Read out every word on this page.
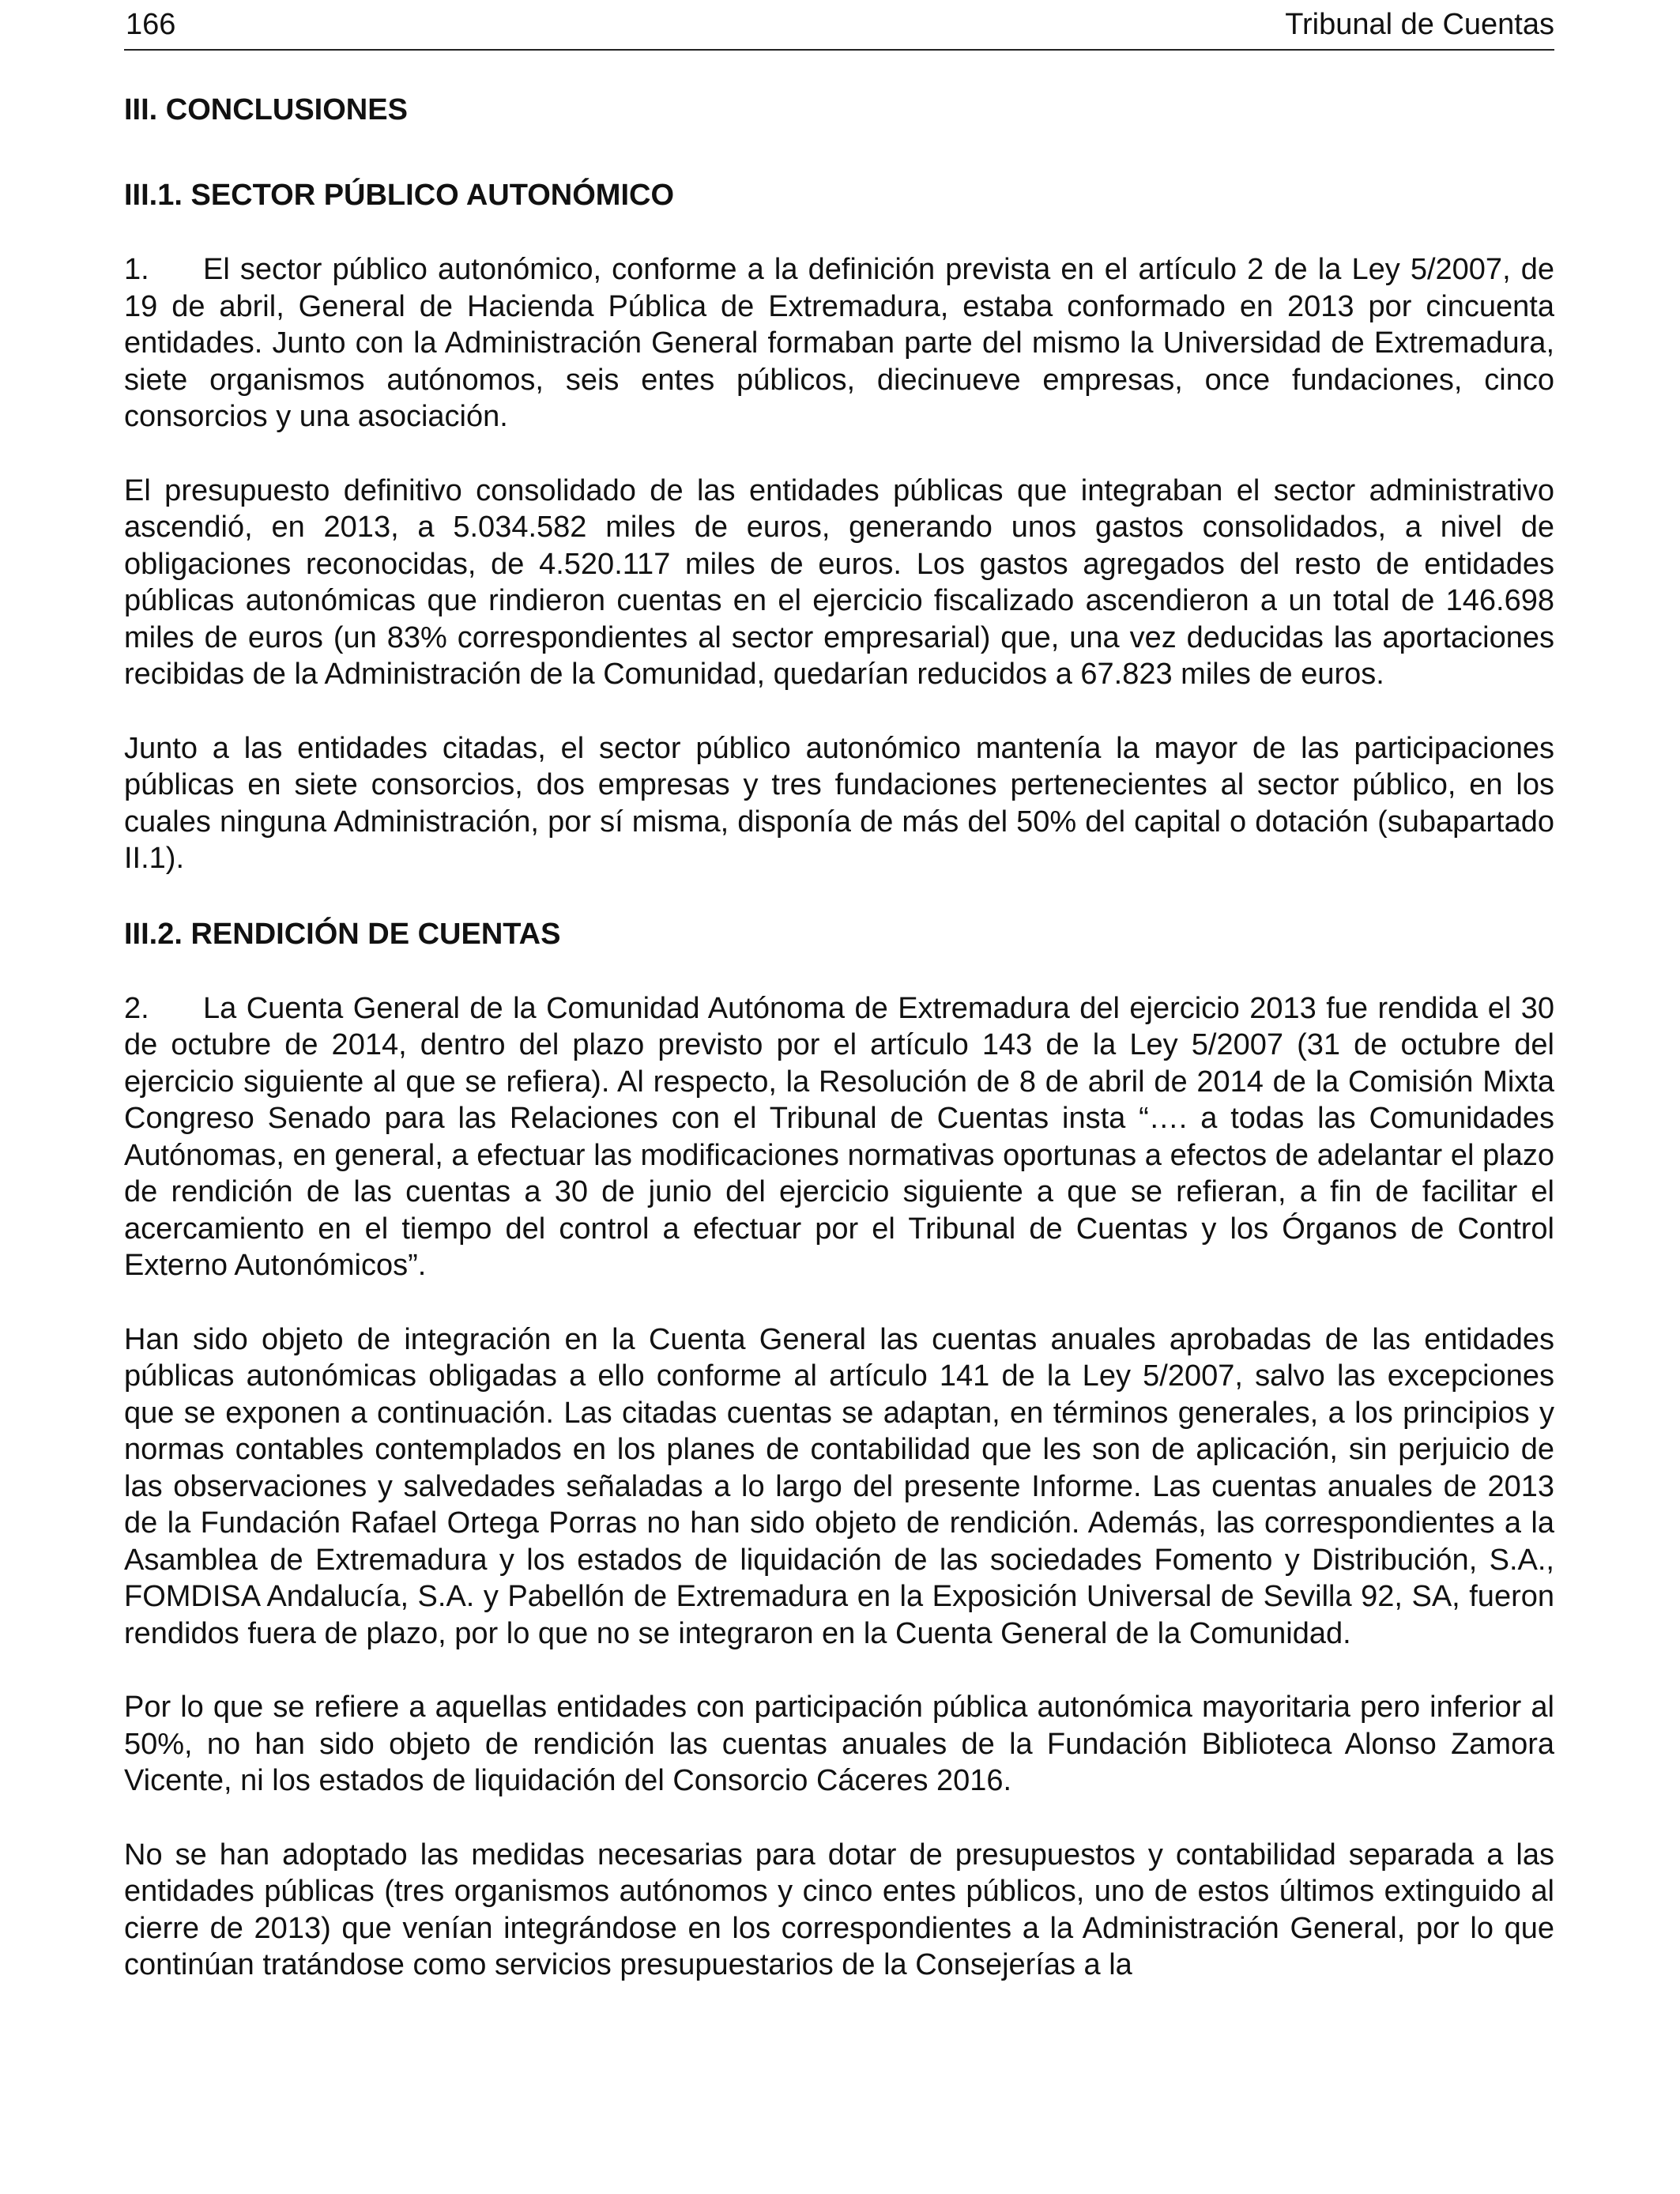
166	Tribunal de Cuentas
III. CONCLUSIONES
III.1. SECTOR PÚBLICO AUTONÓMICO

1. El sector público autonómico, conforme a la definición prevista en el artículo 2 de la Ley 5/2007, de 19 de abril, General de Hacienda Pública de Extremadura, estaba conformado en 2013 por cincuenta entidades. Junto con la Administración General formaban parte del mismo la Universidad de Extremadura, siete organismos autónomos, seis entes públicos, diecinueve empresas, once fundaciones, cinco consorcios y una asociación.

El presupuesto definitivo consolidado de las entidades públicas que integraban el sector administrativo ascendió, en 2013, a 5.034.582 miles de euros, generando unos gastos consolidados, a nivel de obligaciones reconocidas, de 4.520.117 miles de euros. Los gastos agregados del resto de entidades públicas autonómicas que rindieron cuentas en el ejercicio fiscalizado ascendieron a un total de 146.698 miles de euros (un 83% correspondientes al sector empresarial) que, una vez deducidas las aportaciones recibidas de la Administración de la Comunidad, quedarían reducidos a 67.823 miles de euros.

Junto a las entidades citadas, el sector público autonómico mantenía la mayor de las participaciones públicas en siete consorcios, dos empresas y tres fundaciones pertenecientes al sector público, en los cuales ninguna Administración, por sí misma, disponía de más del 50% del capital o dotación (subapartado II.1).

III.2. RENDICIÓN DE CUENTAS

2. La Cuenta General de la Comunidad Autónoma de Extremadura del ejercicio 2013 fue rendida el 30 de octubre de 2014, dentro del plazo previsto por el artículo 143 de la Ley 5/2007 (31 de octubre del ejercicio siguiente al que se refiera). Al respecto, la Resolución de 8 de abril de 2014 de la Comisión Mixta Congreso Senado para las Relaciones con el Tribunal de Cuentas insta “…. a todas las Comunidades Autónomas, en general, a efectuar las modificaciones normativas oportunas a efectos de adelantar el plazo de rendición de las cuentas a 30 de junio del ejercicio siguiente a que se refieran, a fin de facilitar el acercamiento en el tiempo del control a efectuar por el Tribunal de Cuentas y los Órganos de Control Externo Autonómicos”.

Han sido objeto de integración en la Cuenta General las cuentas anuales aprobadas de las entidades públicas autonómicas obligadas a ello conforme al artículo 141 de la Ley 5/2007, salvo las excepciones que se exponen a continuación. Las citadas cuentas se adaptan, en términos generales, a los principios y normas contables contemplados en los planes de contabilidad que les son de aplicación, sin perjuicio de las observaciones y salvedades señaladas a lo largo del presente Informe. Las cuentas anuales de 2013 de la Fundación Rafael Ortega Porras no han sido objeto de rendición. Además, las correspondientes a la Asamblea de Extremadura y los estados de liquidación de las sociedades Fomento y Distribución, S.A., FOMDISA Andalucía, S.A. y Pabellón de Extremadura en la Exposición Universal de Sevilla 92, SA, fueron rendidos fuera de plazo, por lo que no se integraron en la Cuenta General de la Comunidad.

Por lo que se refiere a aquellas entidades con participación pública autonómica mayoritaria pero inferior al 50%, no han sido objeto de rendición las cuentas anuales de la Fundación Biblioteca Alonso Zamora Vicente, ni los estados de liquidación del Consorcio Cáceres 2016.

No se han adoptado las medidas necesarias para dotar de presupuestos y contabilidad separada a las entidades públicas (tres organismos autónomos y cinco entes públicos, uno de estos últimos extinguido al cierre de 2013) que venían integrándose en los correspondientes a la Administración General, por lo que continúan tratándose como servicios presupuestarios de la Consejerías a la
